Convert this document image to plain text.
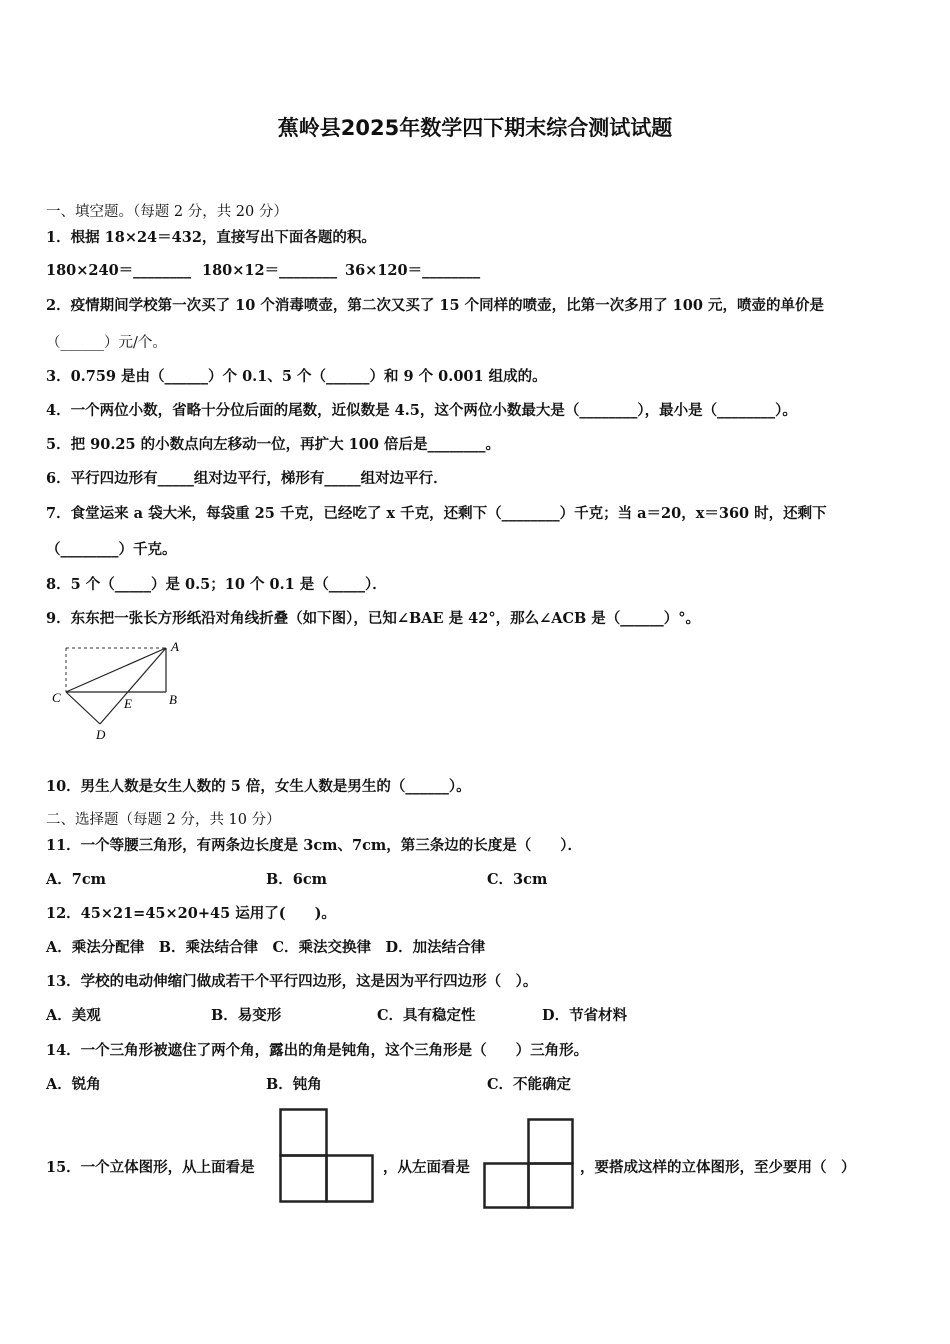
蕉岭县2025年数学四下期末综合测试试题
一、填空题。（每题 2 分，共 20 分）
1．根据 18×24＝432，直接写出下面各题的积。
180×240＝________ 180×12＝________ 36×120＝________
2．疫情期间学校第一次买了 10 个消毒喷壶，第二次又买了 15 个同样的喷壶，比第一次多用了 100 元，喷壶的单价是
（______）元/个。
3．0.759 是由（______）个 0.1、5 个（______）和 9 个 0.001 组成的。
4．一个两位小数，省略十分位后面的尾数，近似数是 4.5，这个两位小数最大是（________），最小是（________）。
5．把 90.25 的小数点向左移动一位，再扩大 100 倍后是________。
6．平行四边形有_____组对边平行，梯形有_____组对边平行．
7．食堂运来 a 袋大米，每袋重 25 千克，已经吃了 x 千克，还剩下（________）千克；当 a＝20，x＝360 时，还剩下
（________）千克。
8．5 个（_____）是 0.5；10 个 0.1 是（_____）．
9．东东把一张长方形纸沿对角线折叠（如下图），已知∠BAE 是 42°，那么∠ACB 是（______）°。
A
B
C
D
E
10．男生人数是女生人数的 5 倍，女生人数是男生的（______）。
二、选择题（每题 2 分，共 10 分）
11．一个等腰三角形，有两条边长度是 3cm、7cm，第三条边的长度是（　　）．
A．7cm	B．6cm	C．3cm
12．45×21=45×20+45 运用了(　　)。
A．乘法分配律　B．乘法结合律　C．乘法交换律　D．加法结合律
13．学校的电动伸缩门做成若干个平行四边形，这是因为平行四边形（　）。
A．美观	B．易变形	C．具有稳定性	D．节省材料
14．一个三角形被遮住了两个角，露出的角是钝角，这个三角形是（　　）三角形。
A．锐角	B．钝角	C．不能确定
15．一个立体图形，从上面看是	，从左面看是	，要搭成这样的立体图形，至少要用（　）
